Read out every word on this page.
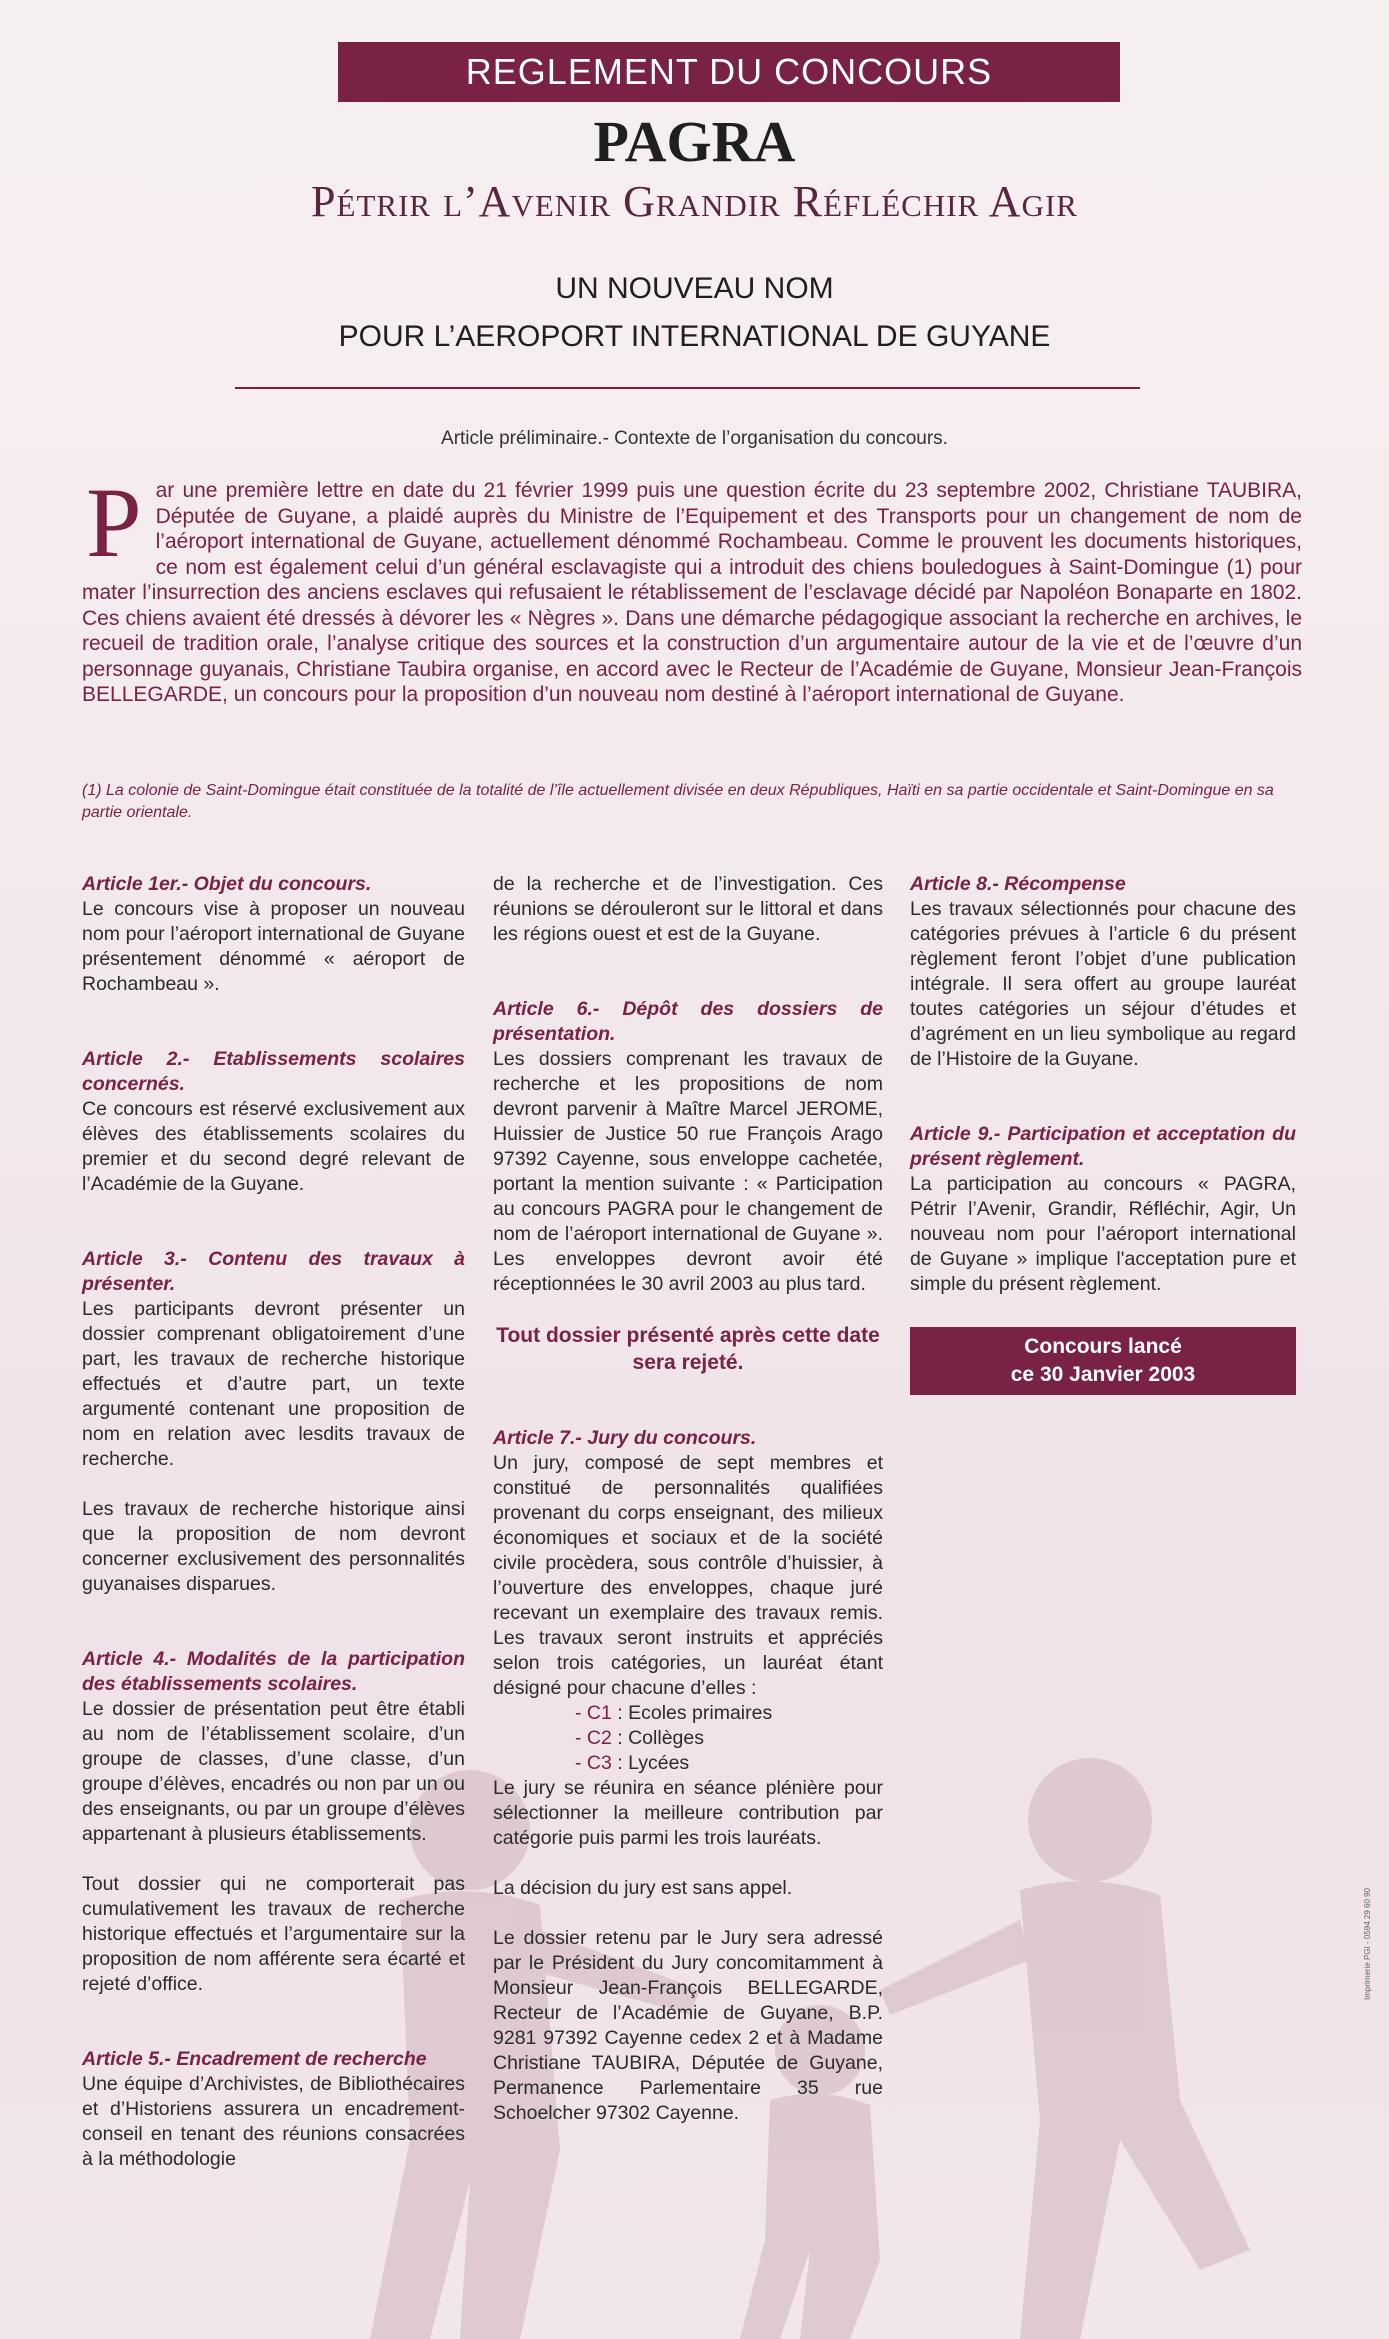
REGLEMENT DU CONCOURS
PAGRA
Pétrir l’Avenir Grandir Réfléchir Agir
UN NOUVEAU NOM
POUR L’AEROPORT INTERNATIONAL DE GUYANE
Article préliminaire.- Contexte de l’organisation du concours.
Par une première lettre en date du 21 février 1999 puis une question écrite du 23 septembre 2002, Christiane TAUBIRA, Députée de Guyane, a plaidé auprès du Ministre de l’Equipement et des Transports pour un changement de nom de l’aéroport international de Guyane, actuellement dénommé Rochambeau. Comme le prouvent les documents historiques, ce nom est également celui d’un général esclavagiste qui a introduit des chiens bouledogues à Saint-Domingue (1) pour mater l’insurrection des anciens esclaves qui refusaient le rétablissement de l’esclavage décidé par Napoléon Bonaparte en 1802. Ces chiens avaient été dressés à dévorer les « Nègres ». Dans une démarche pédagogique associant la recherche en archives, le recueil de tradition orale, l’analyse critique des sources et la construction d’un argumentaire autour de la vie et de l’œuvre d’un personnage guyanais, Christiane Taubira organise, en accord avec le Recteur de l’Académie de Guyane, Monsieur Jean-François BELLEGARDE, un concours pour la proposition d’un nouveau nom destiné à l’aéroport international de Guyane.
(1) La colonie de Saint-Domingue était constituée de la totalité de l’île actuellement divisée en deux Républiques, Haïti en sa partie occidentale et Saint-Domingue en sa partie orientale.

Article 1er.- Objet du concours.

Le concours vise à proposer un nouveau nom pour l’aéroport international de Guyane présentement dénommé « aéroport de Rochambeau ».

Article 2.- Etablissements scolaires concernés.

Ce concours est réservé exclusivement aux élèves des établissements scolaires du premier et du second degré relevant de l’Académie de la Guyane.

Article 3.- Contenu des travaux à présenter.

Les participants devront présenter un dossier comprenant obligatoirement d’une part, les travaux de recherche historique effectués et d’autre part, un texte argumenté contenant une proposition de nom en relation avec lesdits travaux de recherche.

Les travaux de recherche historique ainsi que la proposition de nom devront concerner exclusivement des personnalités guyanaises disparues.

Article 4.- Modalités de la participation des établissements scolaires.

Le dossier de présentation peut être établi au nom de l’établissement scolaire, d’un groupe de classes, d’une classe, d’un groupe d’élèves, encadrés ou non par un ou des enseignants, ou par un groupe d’élèves appartenant à plusieurs établissements.

Tout dossier qui ne comporterait pas cumulativement les travaux de recherche historique effectués et l’argumentaire sur la proposition de nom afférente sera écarté et rejeté d’office.

Article 5.- Encadrement de recherche

Une équipe d’Archivistes, de Bibliothécaires et d’Historiens assurera un encadrement-conseil en tenant des réunions consacrées à la méthodologie

de la recherche et de l’investigation. Ces réunions se dérouleront sur le littoral et dans les régions ouest et est de la Guyane.

Article 6.- Dépôt des dossiers de présentation.

Les dossiers comprenant les travaux de recherche et les propositions de nom devront parvenir à Maître Marcel JEROME, Huissier de Justice 50 rue François Arago 97392 Cayenne, sous enveloppe cachetée, portant la mention suivante : « Participation au concours PAGRA pour le changement de nom de l’aéroport international de Guyane ». Les enveloppes devront avoir été réceptionnées le 30 avril 2003 au plus tard.

Tout dossier présenté après cette date sera rejeté.

Article 7.- Jury du concours.

Un jury, composé de sept membres et constitué de personnalités qualifiées provenant du corps enseignant, des milieux économiques et sociaux et de la société civile procèdera, sous contrôle d’huissier, à l’ouverture des enveloppes, chaque juré recevant un exemplaire des travaux remis. Les travaux seront instruits et appréciés selon trois catégories, un lauréat étant désigné pour chacune d’elles :

- C1 : Ecoles primaires
- C2 : Collèges
- C3 : Lycées

Le jury se réunira en séance plénière pour sélectionner la meilleure contribution par catégorie puis parmi les trois lauréats.

La décision du jury est sans appel.

Le dossier retenu par le Jury sera adressé par le Président du Jury concomitamment à Monsieur Jean-François BELLEGARDE, Recteur de l’Académie de Guyane, B.P. 9281 97392 Cayenne cedex 2 et à Madame Christiane TAUBIRA, Députée de Guyane, Permanence Parlementaire 35 rue Schoelcher 97302 Cayenne.

Article 8.- Récompense

Les travaux sélectionnés pour chacune des catégories prévues à l’article 6 du présent règlement feront l’objet d’une publication intégrale. Il sera offert au groupe lauréat toutes catégories un séjour d’études et d’agrément en un lieu symbolique au regard de l’Histoire de la Guyane.

Article 9.- Participation et acceptation du présent règlement.

La participation au concours « PAGRA, Pétrir l’Avenir, Grandir, Réfléchir, Agir, Un nouveau nom pour l’aéroport international de Guyane » implique l'acceptation pure et simple du présent règlement.

Concours lancé
ce 30 Janvier 2003
Imprimerie PGI - 0594 29 60 90
